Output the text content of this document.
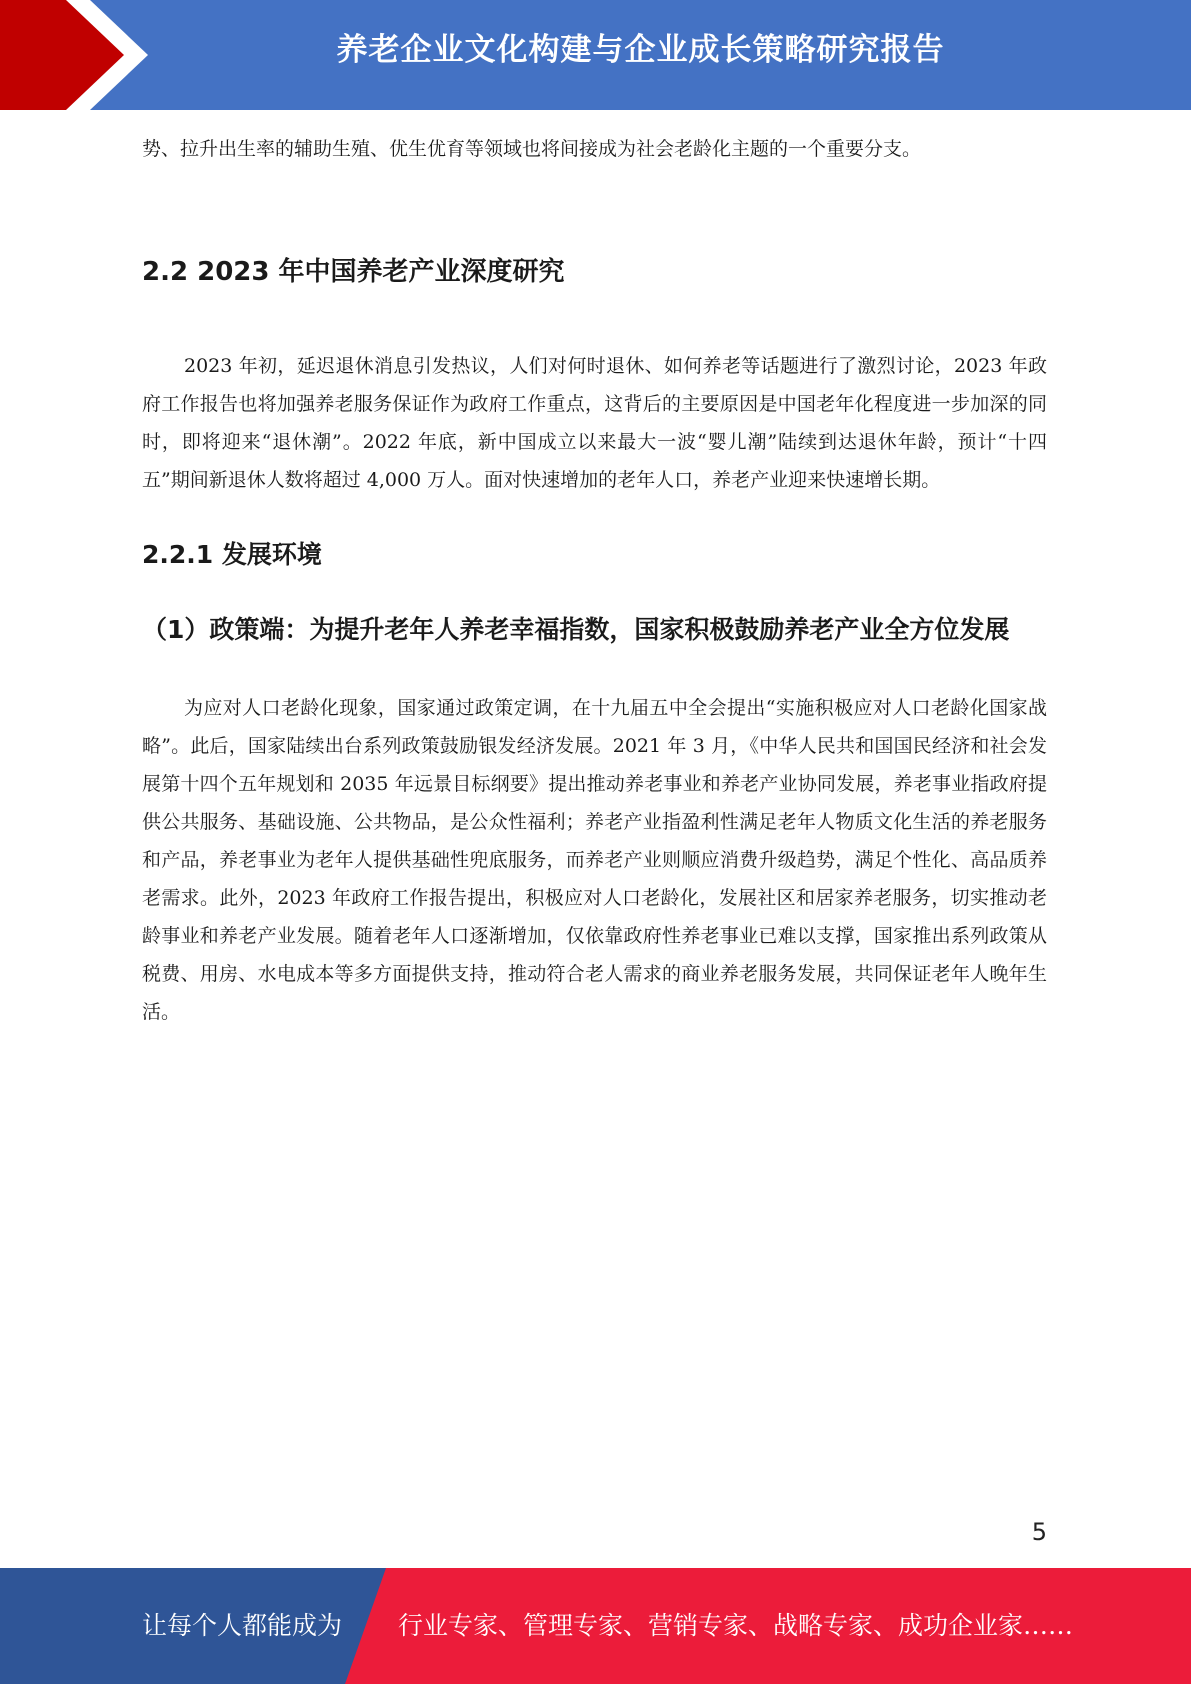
养老企业文化构建与企业成长策略研究报告

势、拉升出生率的辅助生殖、优生优育等领域也将间接成为社会老龄化主题的一个重要分支。

2.2 2023 年中国养老产业深度研究

2023 年初，延迟退休消息引发热议，人们对何时退休、如何养老等话题进行了激烈讨论，2023 年政府工作报告也将加强养老服务保证作为政府工作重点，这背后的主要原因是中国老年化程度进一步加深的同时，即将迎来“退休潮”。2022 年底，新中国成立以来最大一波“婴儿潮”陆续到达退休年龄，预计“十四五”期间新退休人数将超过 4,000 万人。面对快速增加的老年人口，养老产业迎来快速增长期。

2.2.1 发展环境
（1）政策端：为提升老年人养老幸福指数，国家积极鼓励养老产业全方位发展

为应对人口老龄化现象，国家通过政策定调，在十九届五中全会提出“实施积极应对人口老龄化国家战略”。此后，国家陆续出台系列政策鼓励银发经济发展。2021 年 3 月，《中华人民共和国国民经济和社会发展第十四个五年规划和 2035 年远景目标纲要》提出推动养老事业和养老产业协同发展，养老事业指政府提供公共服务、基础设施、公共物品，是公众性福利；养老产业指盈利性满足老年人物质文化生活的养老服务和产品，养老事业为老年人提供基础性兜底服务，而养老产业则顺应消费升级趋势，满足个性化、高品质养老需求。此外，2023 年政府工作报告提出，积极应对人口老龄化，发展社区和居家养老服务，切实推动老龄事业和养老产业发展。随着老年人口逐渐增加，仅依靠政府性养老事业已难以支撑，国家推出系列政策从税费、用房、水电成本等多方面提供支持，推动符合老人需求的商业养老服务发展，共同保证老年人晚年生活。

5
让每个人都能成为 行业专家、管理专家、营销专家、战略专家、成功企业家……
